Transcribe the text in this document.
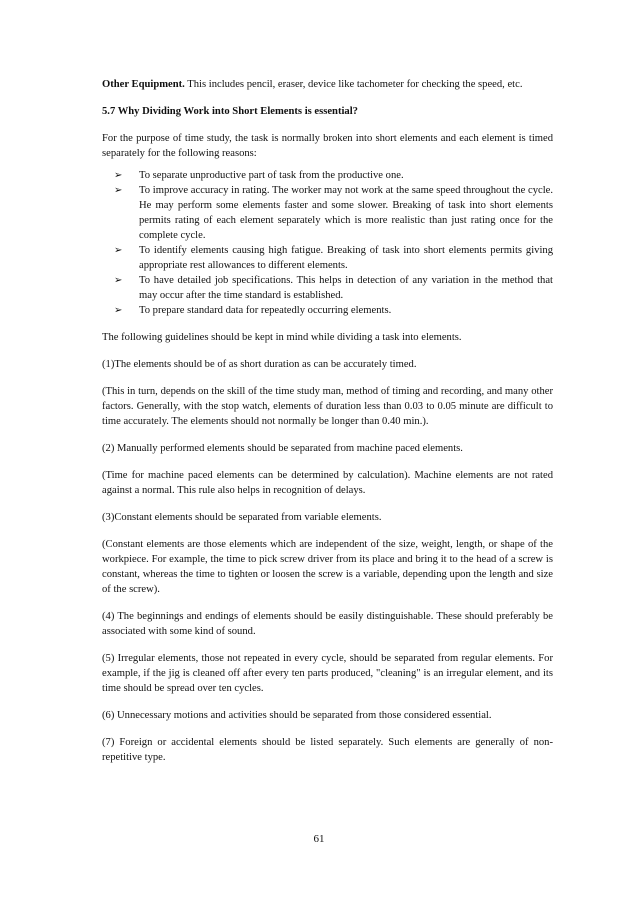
Other Equipment. This includes pencil, eraser, device like tachometer for checking the speed, etc.

5.7 Why Dividing Work into Short Elements is essential?

For the purpose of time study, the task is normally broken into short elements and each element is timed separately for the following reasons:

➢	To separate unproductive part of task from the productive one.
➢	To improve accuracy in rating. The worker may not work at the same speed throughout the cycle. He may perform some elements faster and some slower. Breaking of task into short elements permits rating of each element separately which is more realistic than just rating once for the complete cycle.
➢	To identify elements causing high fatigue. Breaking of task into short elements permits giving appropriate rest allowances to different elements.
➢	To have detailed job specifications. This helps in detection of any variation in the method that may occur after the time standard is established.
➢	To prepare standard data for repeatedly occurring elements.

The following guidelines should be kept in mind while dividing a task into elements.

(1)The elements should be of as short duration as can be accurately timed.

(This in turn, depends on the skill of the time study man, method of timing and recording, and many other factors. Generally, with the stop watch, elements of duration less than 0.03 to 0.05 minute are difficult to time accurately. The elements should not normally be longer than 0.40 min.).

(2) Manually performed elements should be separated from machine paced elements.

(Time for machine paced elements can be determined by calculation). Machine elements are not rated against a normal. This rule also helps in recognition of delays.

(3)Constant elements should be separated from variable elements.

(Constant elements are those elements which are independent of the size, weight, length, or shape of the workpiece. For example, the time to pick screw driver from its place and bring it to the head of a screw is constant, whereas the time to tighten or loosen the screw is a variable, depending upon the length and size of the screw).

(4) The beginnings and endings of elements should be easily distinguishable. These should preferably be associated with some kind of sound.

(5) Irregular elements, those not repeated in every cycle, should be separated from regular elements. For example, if the jig is cleaned off after every ten parts produced, "cleaning" is an irregular element, and its time should be spread over ten cycles.

(6) Unnecessary motions and activities should be separated from those considered essential.

(7) Foreign or accidental elements should be listed separately. Such elements are generally of non-repetitive type.

61
